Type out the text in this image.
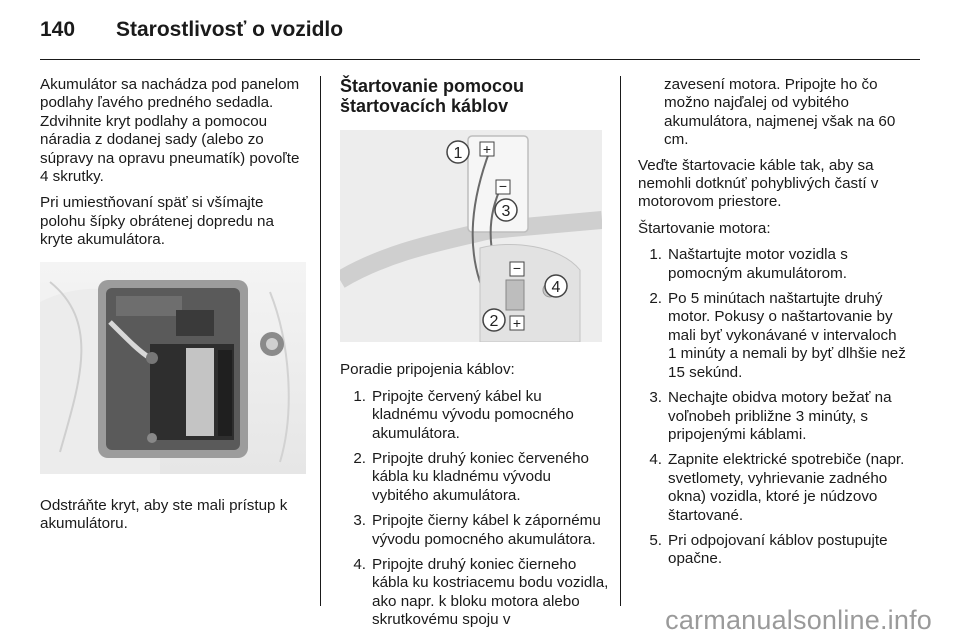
140 Starostlivosť o vozidlo

Akumulátor sa nachádza pod panelom podlahy ľavého predného sedadla. Zdvihnite kryt podlahy a pomocou náradia z dodanej sady (alebo zo súpravy na opravu pneumatík) povoľte 4 skrutky.

Pri umiestňovaní späť si všímajte polohu šípky obrátenej dopredu na kryte akumulátora.

Odstráňte kryt, aby ste mali prístup k akumulátoru.

Štartovanie pomocou štartovacích káblov
+
−
−
+
1
3
4
2

Poradie pripojenia káblov:

1. Pripojte červený kábel ku kladnému vývodu pomocného akumulátora.
2. Pripojte druhý koniec červeného kábla ku kladnému vývodu vybitého akumulátora.
3. Pripojte čierny kábel k zápornému vývodu pomocného akumulátora.
4. Pripojte druhý koniec čierneho kábla ku kostriacemu bodu vozidla, ako napr. k bloku motora alebo skrutkovému spoju v

zavesení motora. Pripojte ho čo možno najďalej od vybitého akumulátora, najmenej však na 60 cm.

Veďte štartovacie káble tak, aby sa nemohli dotknúť pohyblivých častí v motorovom priestore.

Štartovanie motora:

1. Naštartujte motor vozidla s pomocným akumulátorom.
2. Po 5 minútach naštartujte druhý motor. Pokusy o naštartovanie by mali byť vykonávané v intervaloch 1 minúty a nemali by byť dlhšie než 15 sekúnd.
3. Nechajte obidva motory bežať na voľnobeh približne 3 minúty, s pripojenými káblami.
4. Zapnite elektrické spotrebiče (napr. svetlomety, vyhrievanie zadného okna) vozidla, ktoré je núdzovo štartované.
5. Pri odpojovaní káblov postupujte opačne.
carmanualsonline.info
